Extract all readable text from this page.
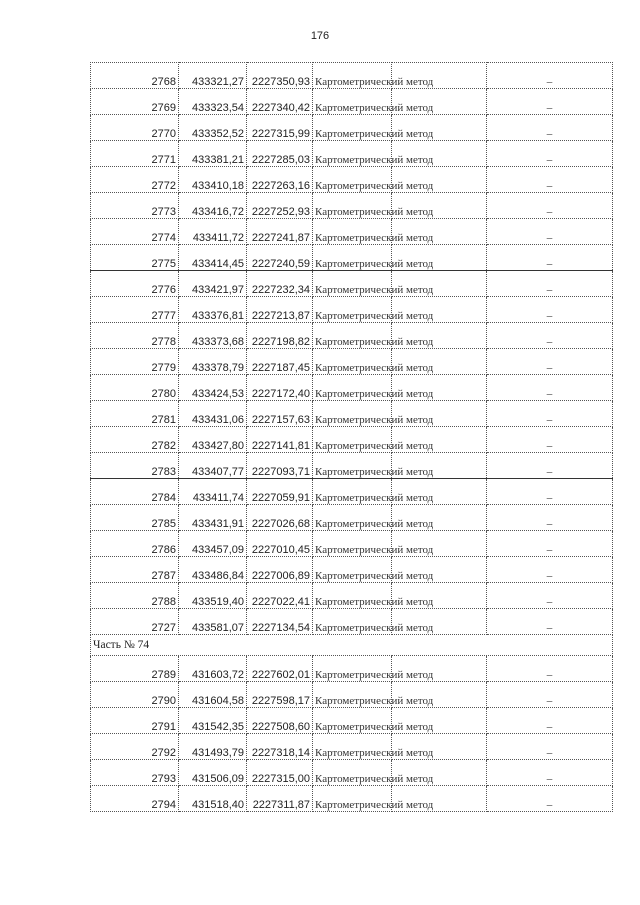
176
2768	433321,27	2227350,93	Картометрический метод		–
2769	433323,54	2227340,42	Картометрический метод		–
2770	433352,52	2227315,99	Картометрический метод		–
2771	433381,21	2227285,03	Картометрический метод		–
2772	433410,18	2227263,16	Картометрический метод		–
2773	433416,72	2227252,93	Картометрический метод		–
2774	433411,72	2227241,87	Картометрический метод		–
2775	433414,45	2227240,59	Картометрический метод		–
2776	433421,97	2227232,34	Картометрический метод		–
2777	433376,81	2227213,87	Картометрический метод		–
2778	433373,68	2227198,82	Картометрический метод		–
2779	433378,79	2227187,45	Картометрический метод		–
2780	433424,53	2227172,40	Картометрический метод		–
2781	433431,06	2227157,63	Картометрический метод		–
2782	433427,80	2227141,81	Картометрический метод		–
2783	433407,77	2227093,71	Картометрический метод		–
2784	433411,74	2227059,91	Картометрический метод		–
2785	433431,91	2227026,68	Картометрический метод		–
2786	433457,09	2227010,45	Картометрический метод		–
2787	433486,84	2227006,89	Картометрический метод		–
2788	433519,40	2227022,41	Картометрический метод		–
2727	433581,07	2227134,54	Картометрический метод		–
Часть № 74					
2789	431603,72	2227602,01	Картометрический метод		–
2790	431604,58	2227598,17	Картометрический метод		–
2791	431542,35	2227508,60	Картометрический метод		–
2792	431493,79	2227318,14	Картометрический метод		–
2793	431506,09	2227315,00	Картометрический метод		–
2794	431518,40	2227311,87	Картометрический метод		–
